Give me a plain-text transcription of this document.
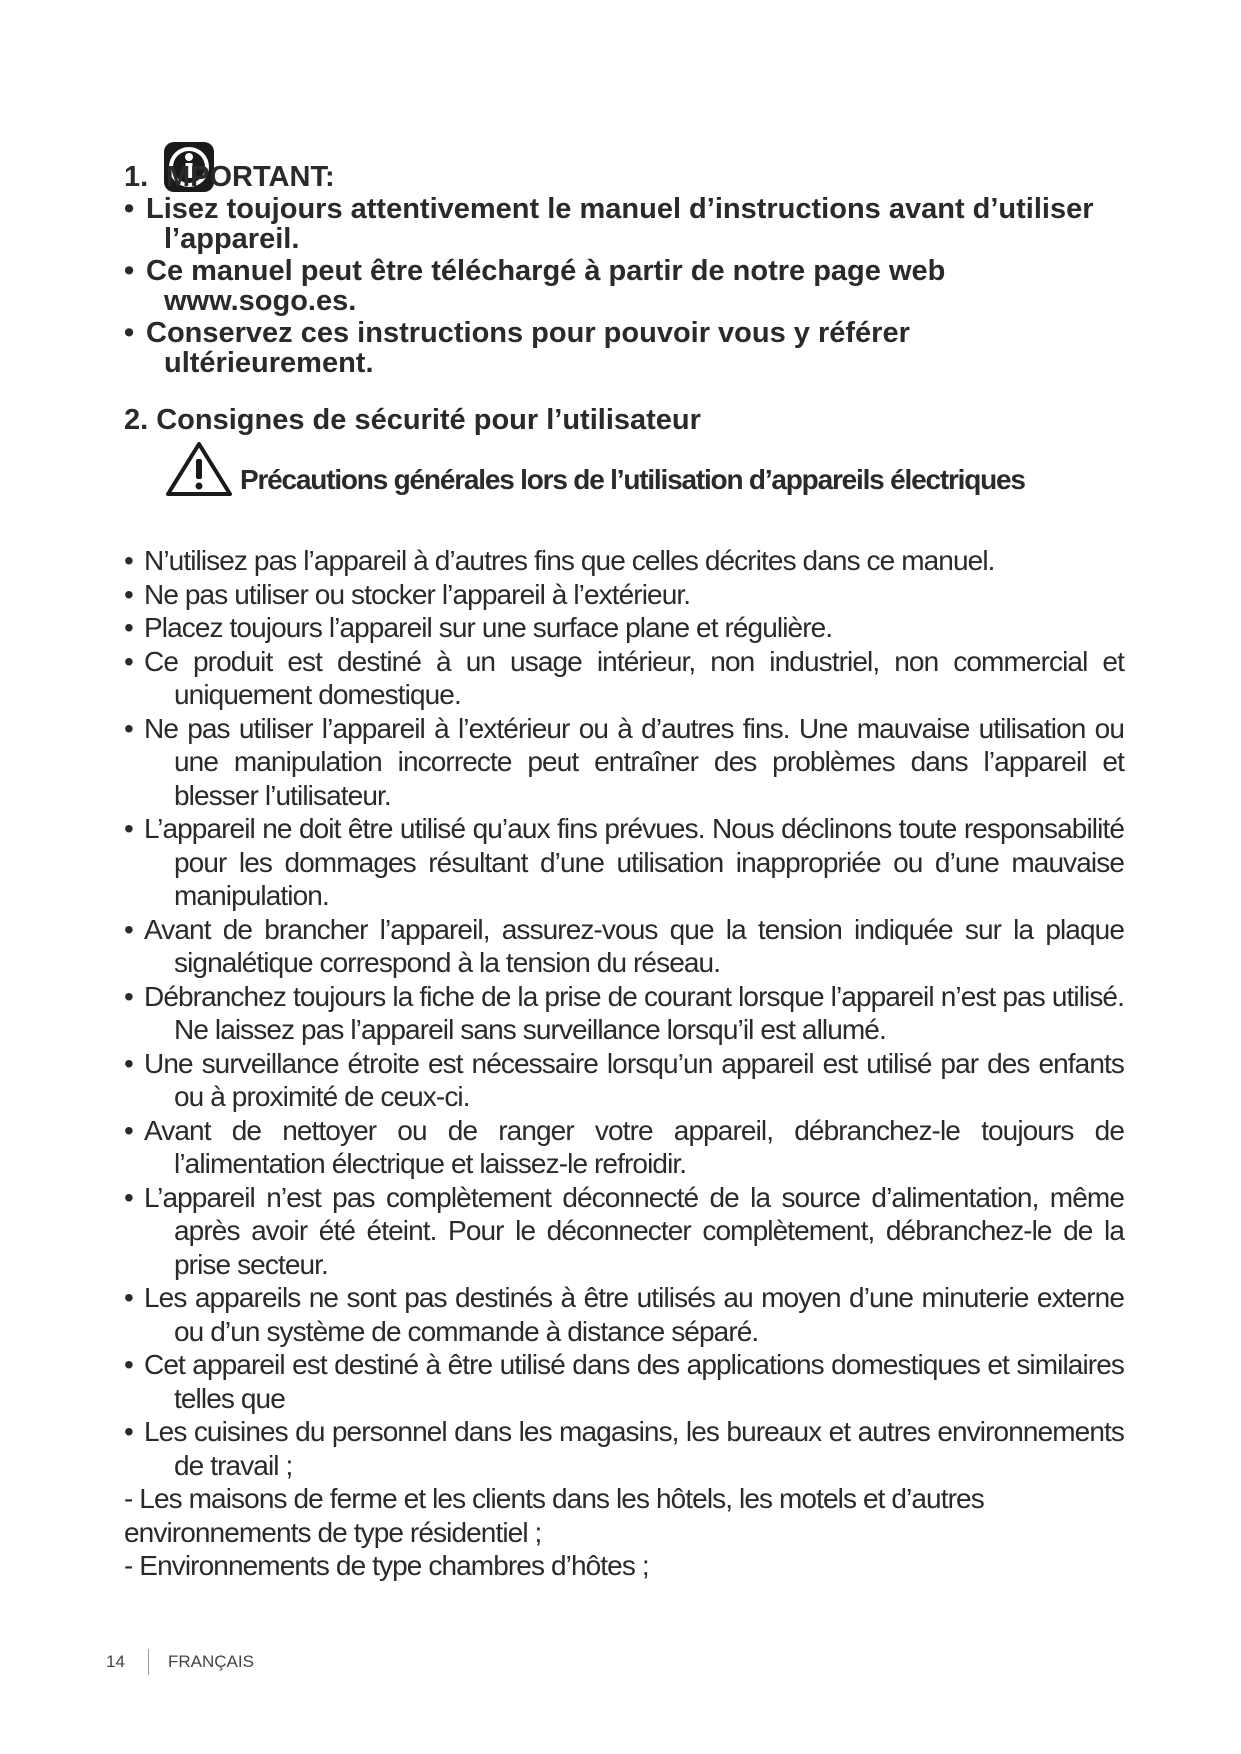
1. MPORTANT:
• Lisez toujours attentivement le manuel d’instructions avant d’utiliser l’appareil.
• Ce manuel peut être téléchargé à partir de notre page web www.sogo.es.
• Conservez ces instructions pour pouvoir vous y référer ultérieurement.
2. Consignes de sécurité pour l’utilisateur
Précautions générales lors de l’utilisation d’appareils électriques
• N’utilisez pas l’appareil à d’autres fins que celles décrites dans ce manuel.
• Ne pas utiliser ou stocker l’appareil à l’extérieur.
• Placez toujours l’appareil sur une surface plane et régulière.
• Ce produit est destiné à un usage intérieur, non industriel, non commercial et uniquement domestique.
• Ne pas utiliser l’appareil à l’extérieur ou à d’autres fins. Une mauvaise utilisation ou une manipulation incorrecte peut entraîner des problèmes dans l’appareil et blesser l’utilisateur.
• L’appareil ne doit être utilisé qu’aux fins prévues. Nous déclinons toute responsabilité pour les dommages résultant d’une utilisation inappropriée ou d’une mauvaise manipulation.
• Avant de brancher l’appareil, assurez-vous que la tension indiquée sur la plaque signalétique correspond à la tension du réseau.
• Débranchez toujours la fiche de la prise de courant lorsque l’appareil n’est pas utilisé. Ne laissez pas l’appareil sans surveillance lorsqu’il est allumé.
• Une surveillance étroite est nécessaire lorsqu’un appareil est utilisé par des enfants ou à proximité de ceux-ci.
• Avant de nettoyer ou de ranger votre appareil, débranchez-le toujours de l’alimentation électrique et laissez-le refroidir.
• L’appareil n’est pas complètement déconnecté de la source d’alimentation, même après avoir été éteint. Pour le déconnecter complètement, débranchez-le de la prise secteur.
• Les appareils ne sont pas destinés à être utilisés au moyen d’une minuterie externe ou d’un système de commande à distance séparé.
• Cet appareil est destiné à être utilisé dans des applications domestiques et similaires telles que
• Les cuisines du personnel dans les magasins, les bureaux et autres environnements de travail ;

- Les maisons de ferme et les clients dans les hôtels, les motels et d’autres environnements de type résidentiel ;

- Environnements de type chambres d’hôtes ;

14	FRANÇAIS
